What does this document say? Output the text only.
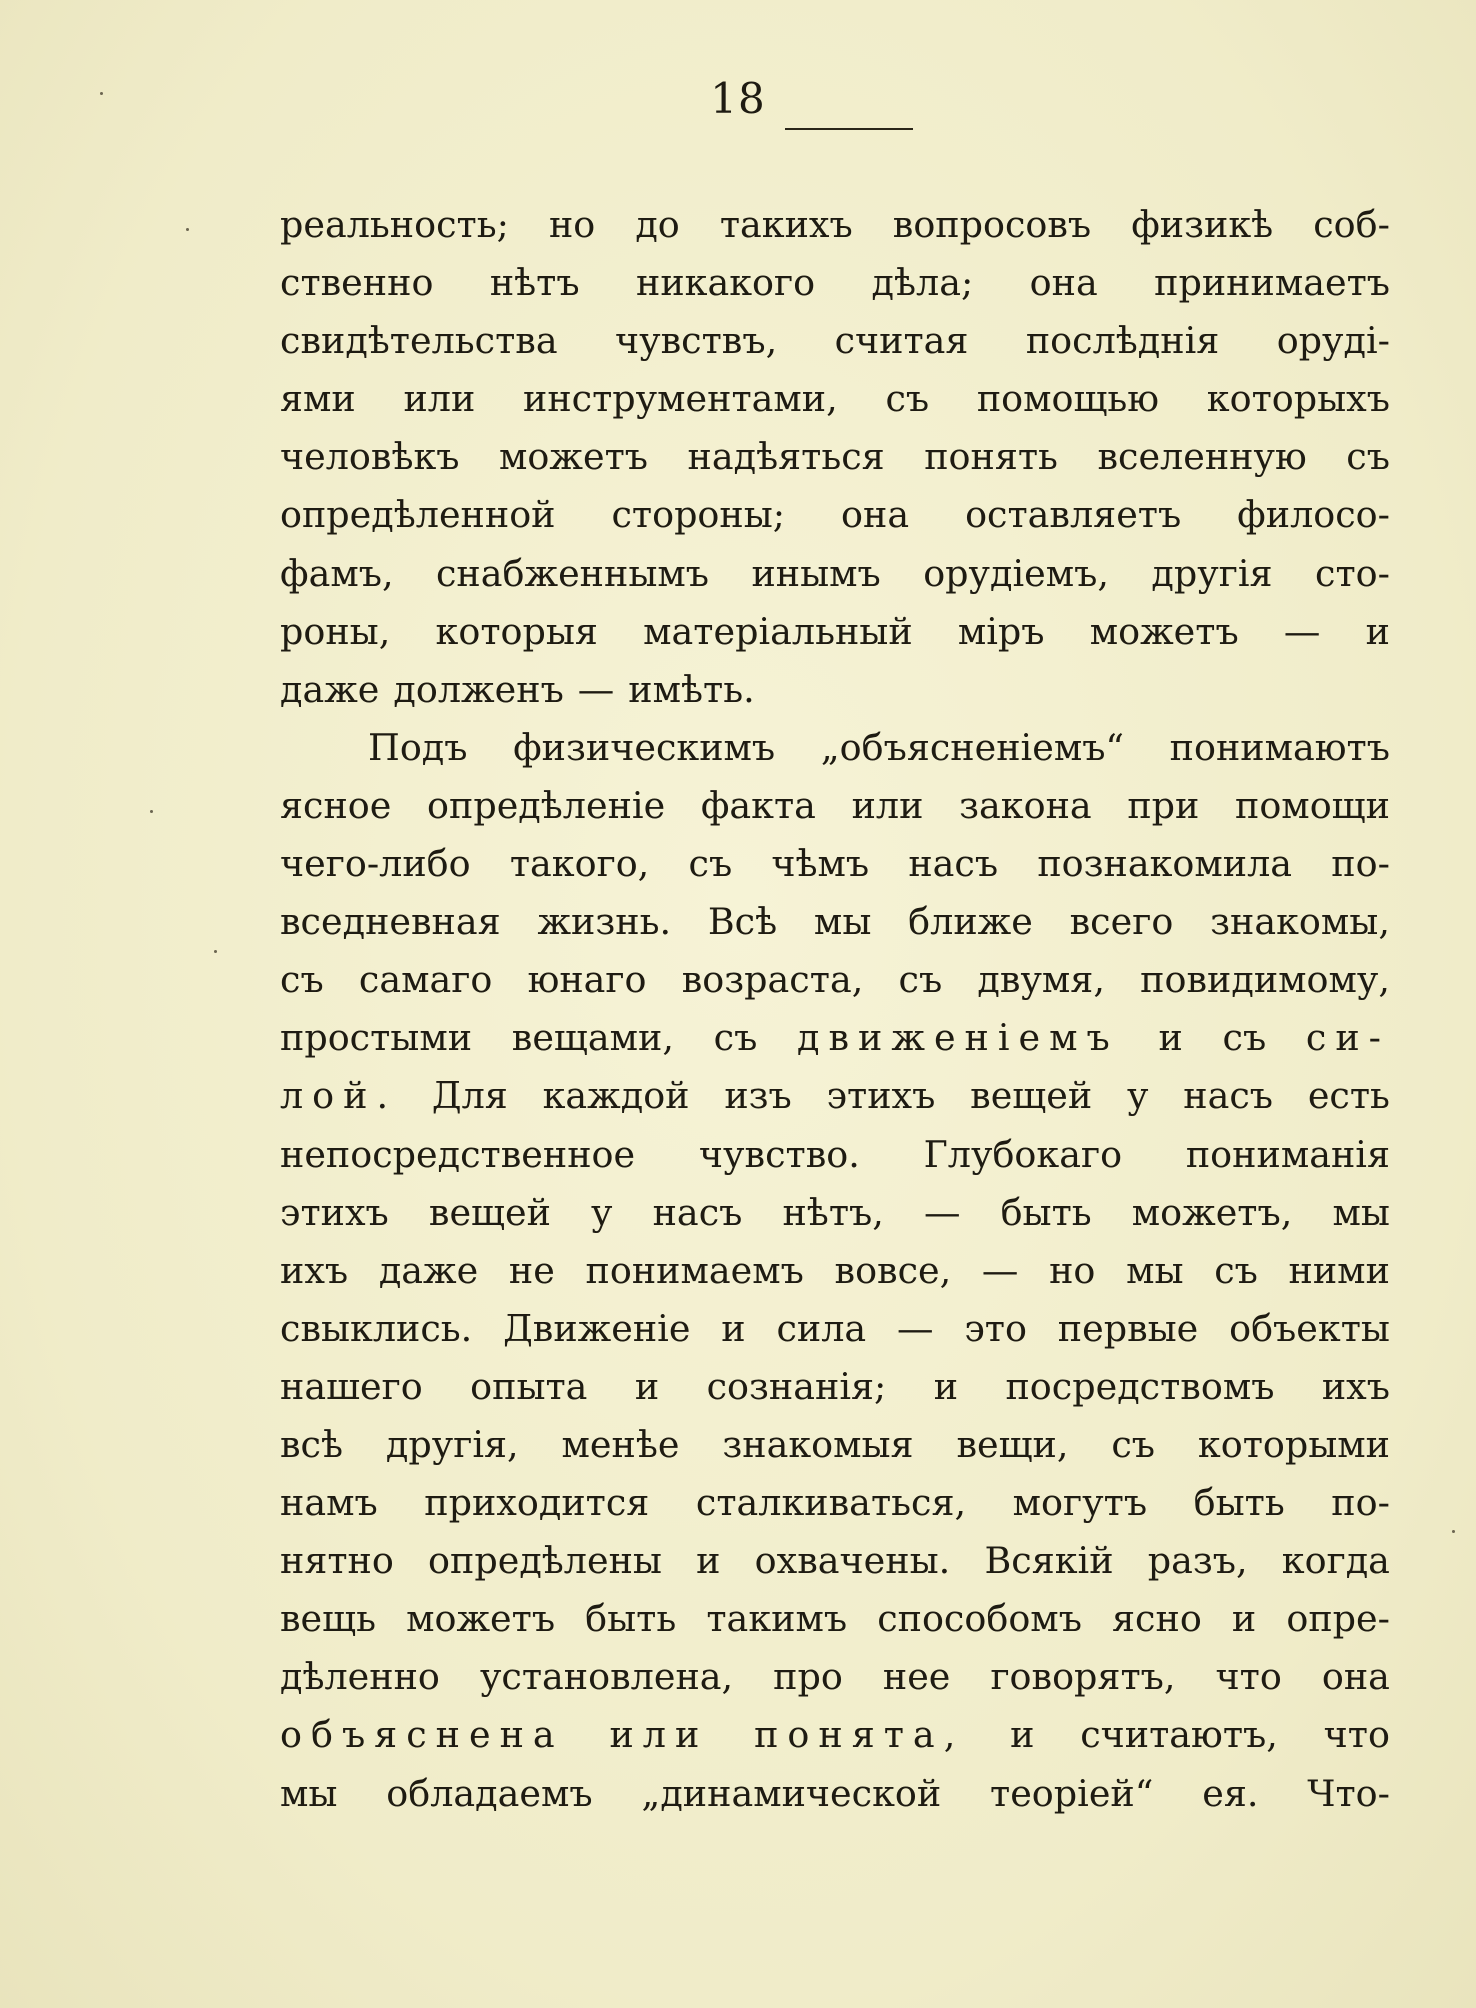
18
реальность; но до такихъ вопросовъ физикѣ соб-
ственно нѣтъ никакого дѣла; она принимаетъ
свидѣтельства чувствъ, считая послѣднія оруді-
ями или инструментами, съ помощью которыхъ
человѣкъ можетъ надѣяться понять вселенную съ
опредѣленной стороны; она оставляетъ филосо-
фамъ, снабженнымъ инымъ орудіемъ, другія сто-
роны, которыя матеріальный міръ можетъ — и
даже долженъ — имѣть.
Подъ физическимъ „объясненіемъ“ понимаютъ
ясное опредѣленіе факта или закона при помощи
чего-либо такого, съ чѣмъ насъ познакомила по-
вседневная жизнь. Всѣ мы ближе всего знакомы,
съ самаго юнаго возраста, съ двумя, повидимому,
простыми вещами, съ движеніемъ и съ си-
лой. Для каждой изъ этихъ вещей у насъ есть
непосредственное чувство. Глубокаго пониманія
этихъ вещей у насъ нѣтъ, — быть можетъ, мы
ихъ даже не понимаемъ вовсе, — но мы съ ними
свыклись. Движеніе и сила — это первые объекты
нашего опыта и сознанія; и посредствомъ ихъ
всѣ другія, менѣе знакомыя вещи, съ которыми
намъ приходится сталкиваться, могутъ быть по-
нятно опредѣлены и охвачены. Всякій разъ, когда
вещь можетъ быть такимъ способомъ ясно и опре-
дѣленно установлена, про нее говорятъ, что она
объяснена или понята, и считаютъ, что
мы обладаемъ „динамической теоріей“ ея. Что-
